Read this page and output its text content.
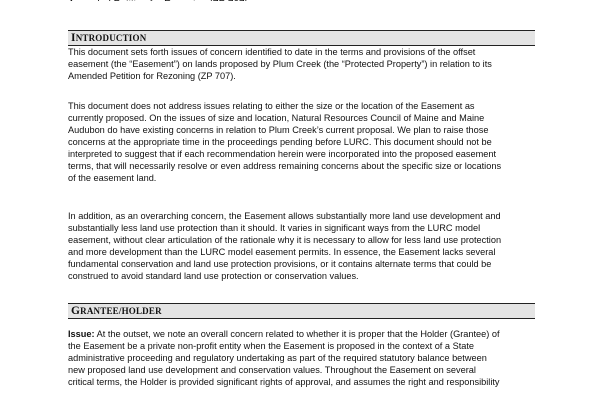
INTRODUCTION

This document sets forth issues of concern identified to date in the terms and provisions of the offset
easement (the “Easement”) on lands proposed by Plum Creek (the “Protected Property”) in relation to its
Amended Petition for Rezoning (ZP 707).

This document does not address issues relating to either the size or the location of the Easement as
currently proposed. On the issues of size and location, Natural Resources Council of Maine and Maine
Audubon do have existing concerns in relation to Plum Creek’s current proposal. We plan to raise those
concerns at the appropriate time in the proceedings pending before LURC. This document should not be
interpreted to suggest that if each recommendation herein were incorporated into the proposed easement
terms, that will necessarily resolve or even address remaining concerns about the specific size or locations
of the easement land.

In addition, as an overarching concern, the Easement allows substantially more land use development and
substantially less land use protection than it should. It varies in significant ways from the LURC model
easement, without clear articulation of the rationale why it is necessary to allow for less land use protection
and more development than the LURC model easement permits. In essence, the Easement lacks several
fundamental conservation and land use protection provisions, or it contains alternate terms that could be
construed to avoid standard land use protection or conservation values.

GRANTEE/HOLDER

Issue: At the outset, we note an overall concern related to whether it is proper that the Holder (Grantee) of
the Easement be a private non-profit entity when the Easement is proposed in the context of a State
administrative proceeding and regulatory undertaking as part of the required statutory balance between
new proposed land use development and conservation values. Throughout the Easement on several
critical terms, the Holder is provided significant rights of approval, and assumes the right and responsibility
